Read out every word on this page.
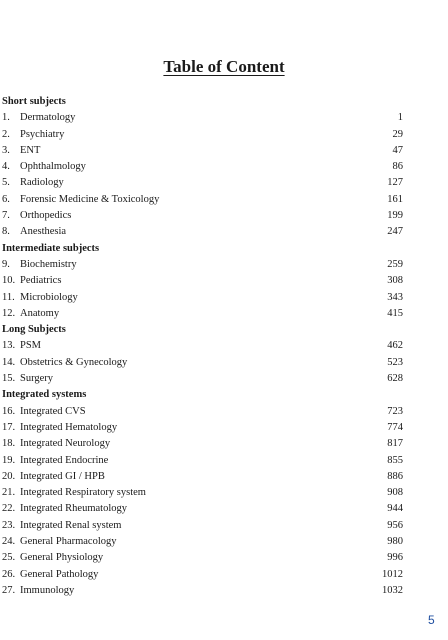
Table of Content
Short subjects
1. Dermatology	1
2. Psychiatry	29
3. ENT	47
4. Ophthalmology	86
5. Radiology	127
6. Forensic Medicine & Toxicology	161
7. Orthopedics	199
8. Anesthesia	247
Intermediate subjects
9. Biochemistry	259
10. Pediatrics	308
11. Microbiology	343
12. Anatomy	415
Long Subjects
13. PSM	462
14. Obstetrics & Gynecology	523
15. Surgery	628
Integrated systems
16. Integrated CVS	723
17. Integrated Hematology	774
18. Integrated Neurology	817
19. Integrated Endocrine	855
20. Integrated GI / HPB	886
21. Integrated Respiratory system	908
22. Integrated Rheumatology	944
23. Integrated Renal system	956
24. General Pharmacology	980
25. General Physiology	996
26. General Pathology	1012
27. Immunology	1032
5
